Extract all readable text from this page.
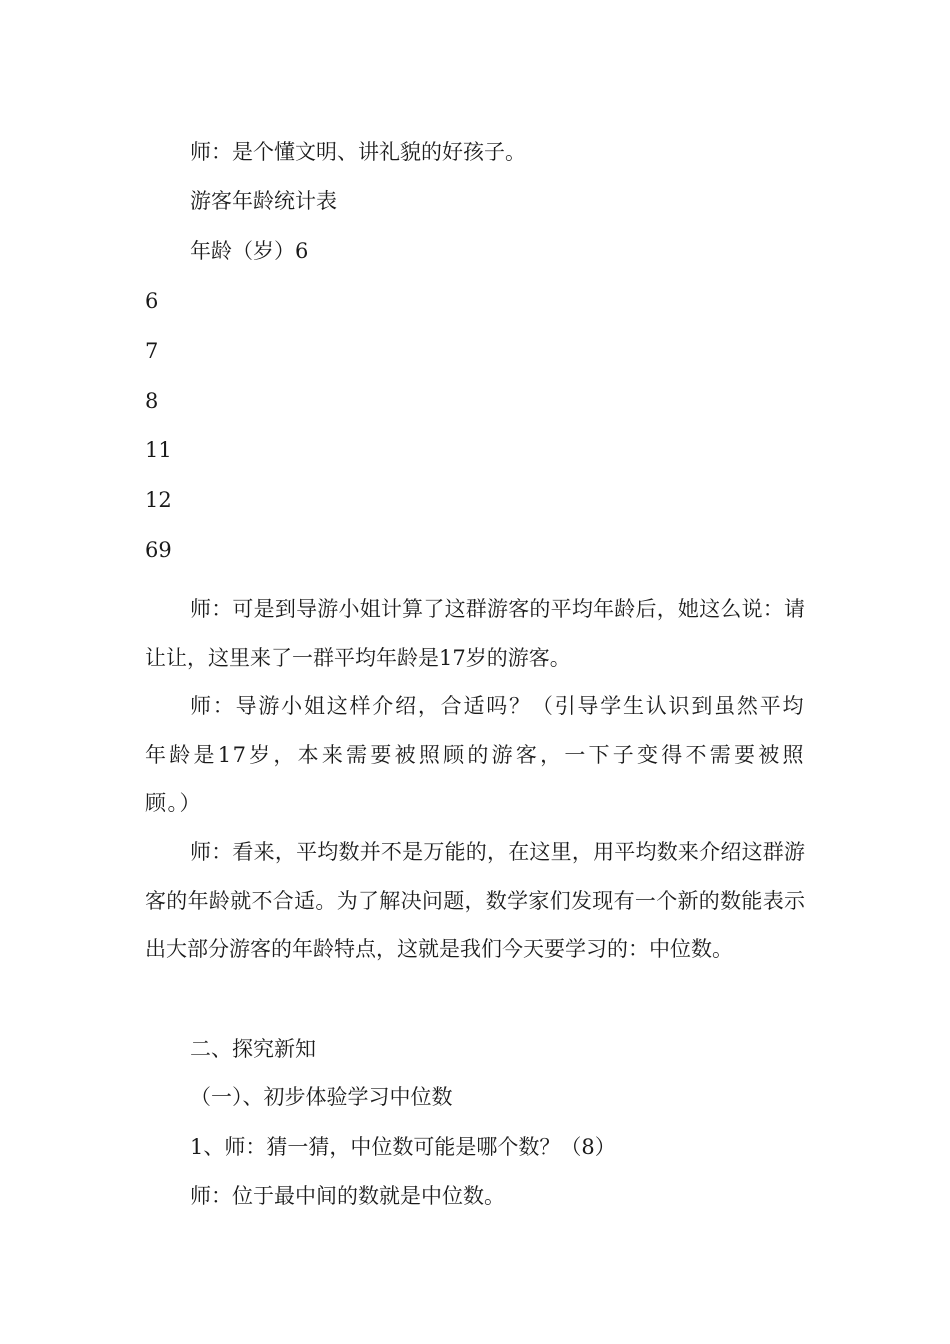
师：是个懂文明、讲礼貌的好孩子。
游客年龄统计表
年龄（岁）6
6
7
8
11
12
69

师：可是到导游小姐计算了这群游客的平均年龄后，她这么说：请让让，这里来了一群平均年龄是17岁的游客。

师：导游小姐这样介绍，合适吗？（引导学生认识到虽然平均年龄是17岁，本来需要被照顾的游客，一下子变得不需要被照顾。）

师：看来，平均数并不是万能的，在这里，用平均数来介绍这群游客的年龄就不合适。为了解决问题，数学家们发现有一个新的数能表示出大部分游客的年龄特点，这就是我们今天要学习的：中位数。

二、探究新知
（一）、初步体验学习中位数
1、师：猜一猜，中位数可能是哪个数？（8）
师：位于最中间的数就是中位数。
